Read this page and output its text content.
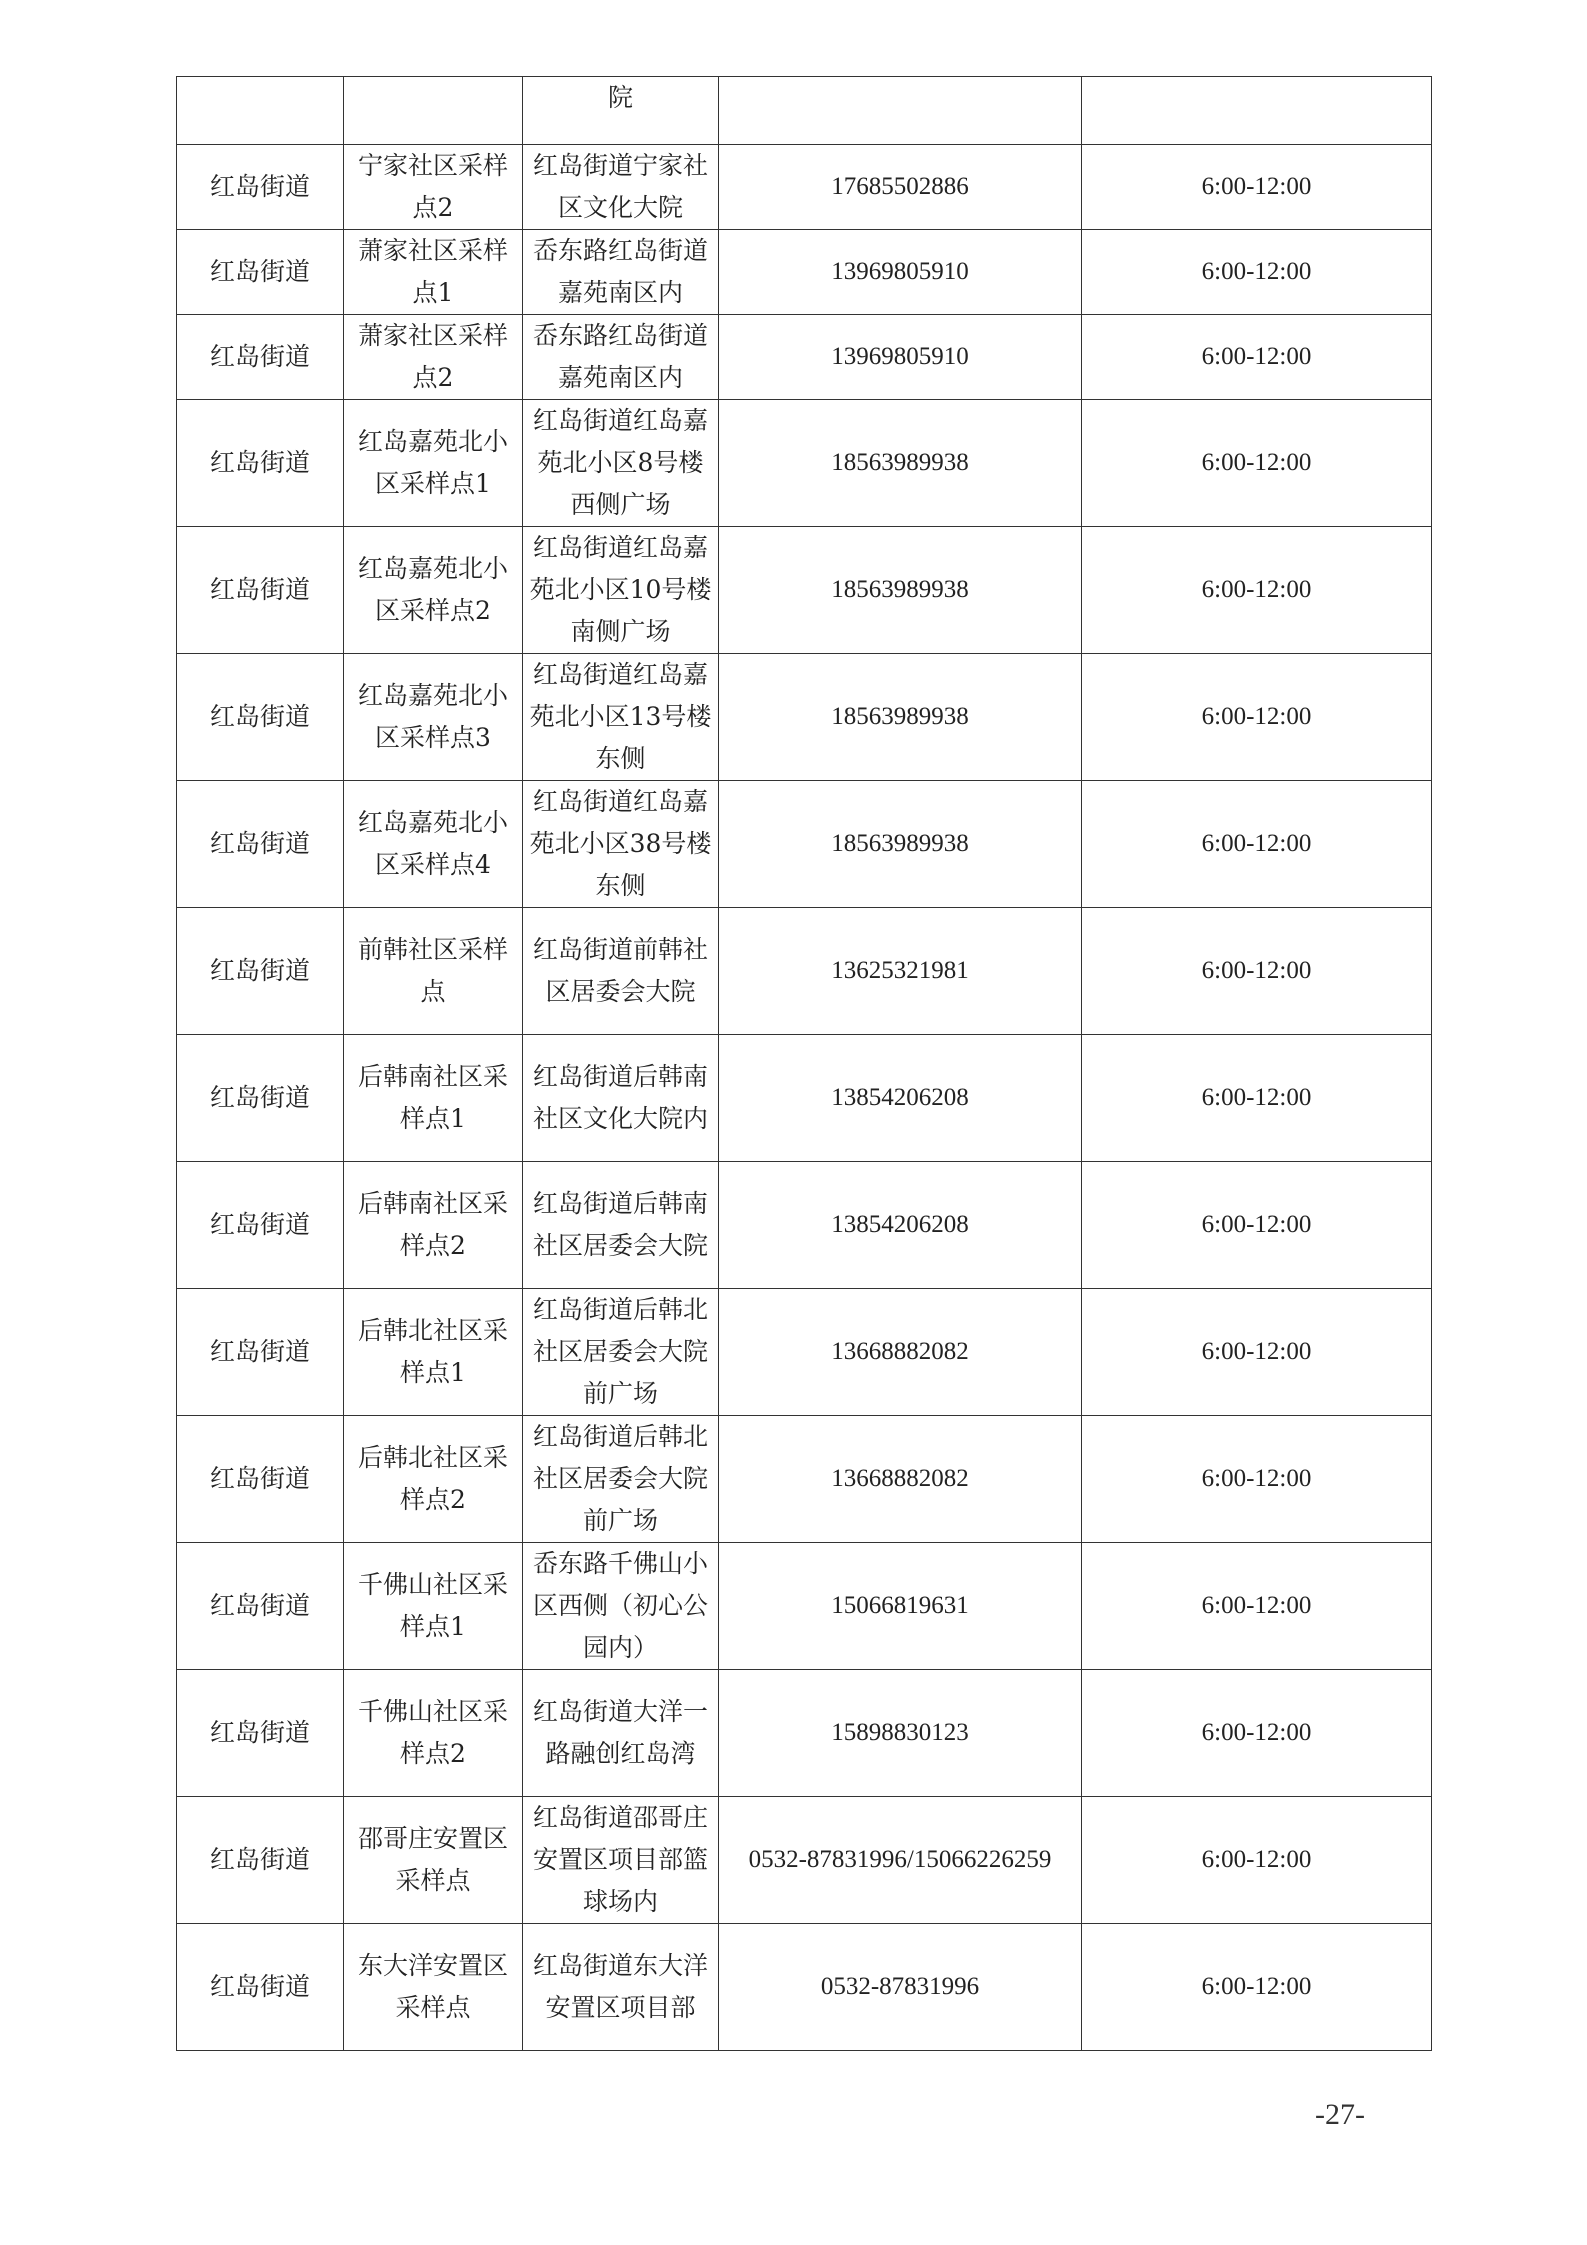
		院		
红岛街道	宁家社区采样点2	红岛街道宁家社区文化大院	17685502886	6:00-12:00
红岛街道	萧家社区采样点1	岙东路红岛街道嘉苑南区内	13969805910	6:00-12:00
红岛街道	萧家社区采样点2	岙东路红岛街道嘉苑南区内	13969805910	6:00-12:00
红岛街道	红岛嘉苑北小区采样点1	红岛街道红岛嘉苑北小区8号楼西侧广场	18563989938	6:00-12:00
红岛街道	红岛嘉苑北小区采样点2	红岛街道红岛嘉苑北小区10号楼南侧广场	18563989938	6:00-12:00
红岛街道	红岛嘉苑北小区采样点3	红岛街道红岛嘉苑北小区13号楼东侧	18563989938	6:00-12:00
红岛街道	红岛嘉苑北小区采样点4	红岛街道红岛嘉苑北小区38号楼东侧	18563989938	6:00-12:00
红岛街道	前韩社区采样点	红岛街道前韩社区居委会大院	13625321981	6:00-12:00
红岛街道	后韩南社区采样点1	红岛街道后韩南社区文化大院内	13854206208	6:00-12:00
红岛街道	后韩南社区采样点2	红岛街道后韩南社区居委会大院	13854206208	6:00-12:00
红岛街道	后韩北社区采样点1	红岛街道后韩北社区居委会大院前广场	13668882082	6:00-12:00
红岛街道	后韩北社区采样点2	红岛街道后韩北社区居委会大院前广场	13668882082	6:00-12:00
红岛街道	千佛山社区采样点1	岙东路千佛山小区西侧（初心公园内）	15066819631	6:00-12:00
红岛街道	千佛山社区采样点2	红岛街道大洋一路融创红岛湾	15898830123	6:00-12:00
红岛街道	邵哥庄安置区采样点	红岛街道邵哥庄安置区项目部篮球场内	0532-87831996/15066226259	6:00-12:00
红岛街道	东大洋安置区采样点	红岛街道东大洋安置区项目部	0532-87831996	6:00-12:00
-27-
